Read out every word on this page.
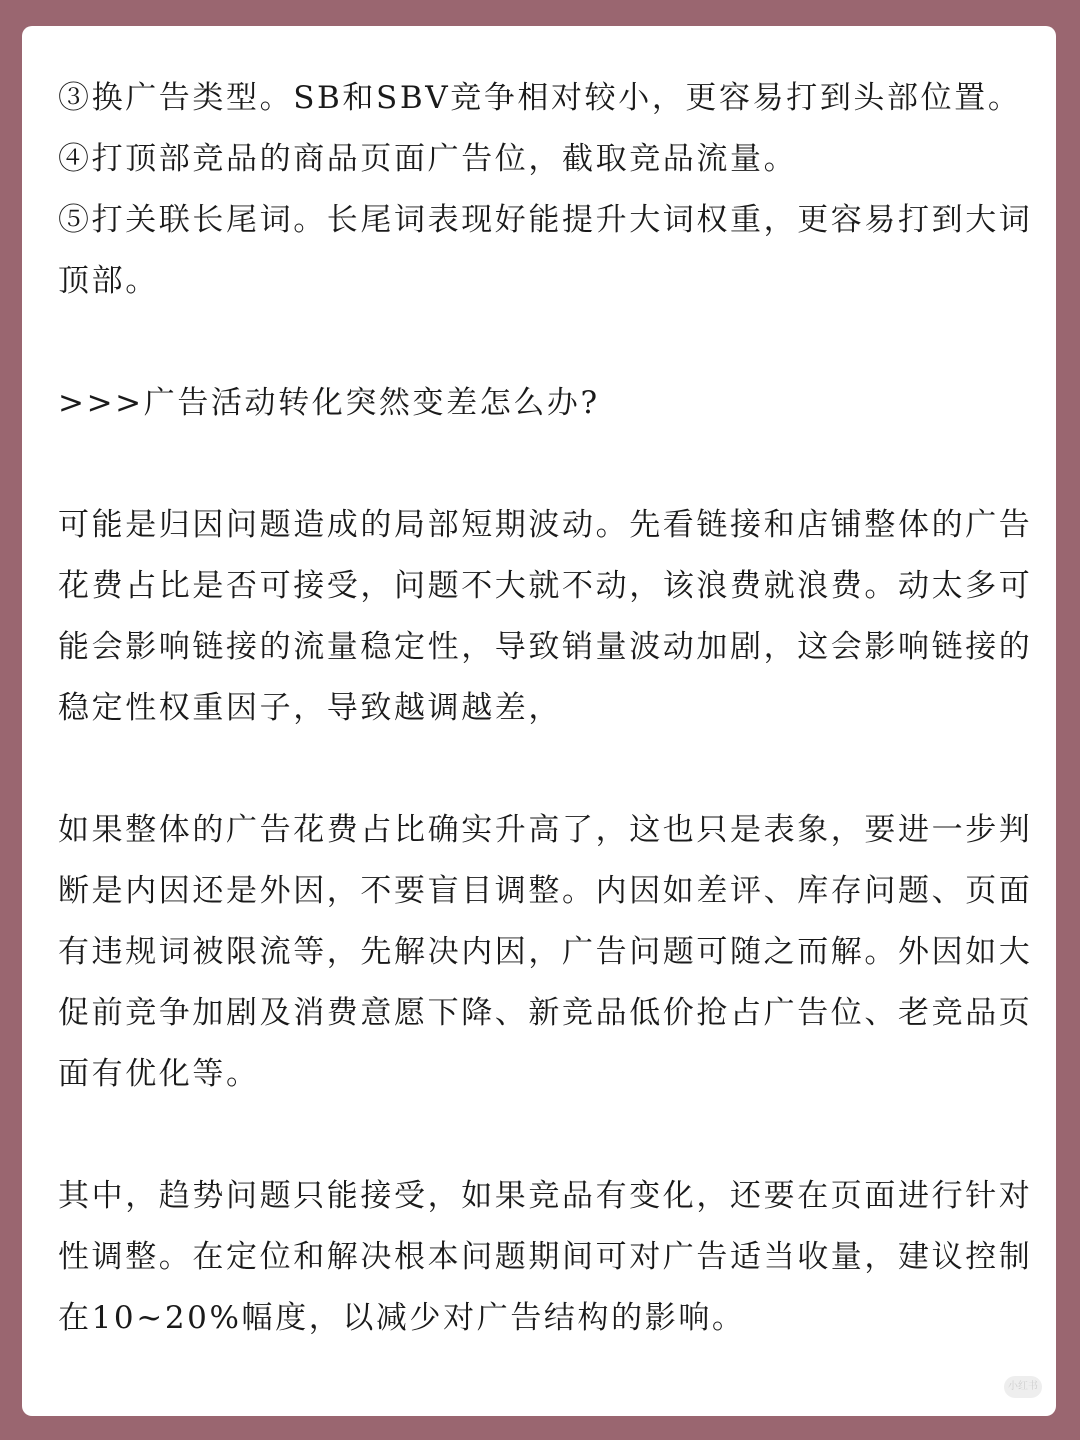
③换广告类型。SB和SBV竞争相对较小，更容易打到头部位置。
④打顶部竞品的商品页面广告位，截取竞品流量。
⑤打关联长尾词。长尾词表现好能提升大词权重，更容易打到大词
顶部。
>>>广告活动转化突然变差怎么办?
可能是归因问题造成的局部短期波动。先看链接和店铺整体的广告
花费占比是否可接受，问题不大就不动，该浪费就浪费。动太多可
能会影响链接的流量稳定性，导致销量波动加剧，这会影响链接的
稳定性权重因子，导致越调越差，
如果整体的广告花费占比确实升高了，这也只是表象，要进一步判
断是内因还是外因，不要盲目调整。内因如差评、库存问题、页面
有违规词被限流等，先解决内因，广告问题可随之而解。外因如大
促前竞争加剧及消费意愿下降、新竞品低价抢占广告位、老竞品页
面有优化等。
其中，趋势问题只能接受，如果竞品有变化，还要在页面进行针对
性调整。在定位和解决根本问题期间可对广告适当收量，建议控制
在10~20%幅度，以减少对广告结构的影响。
小红书
